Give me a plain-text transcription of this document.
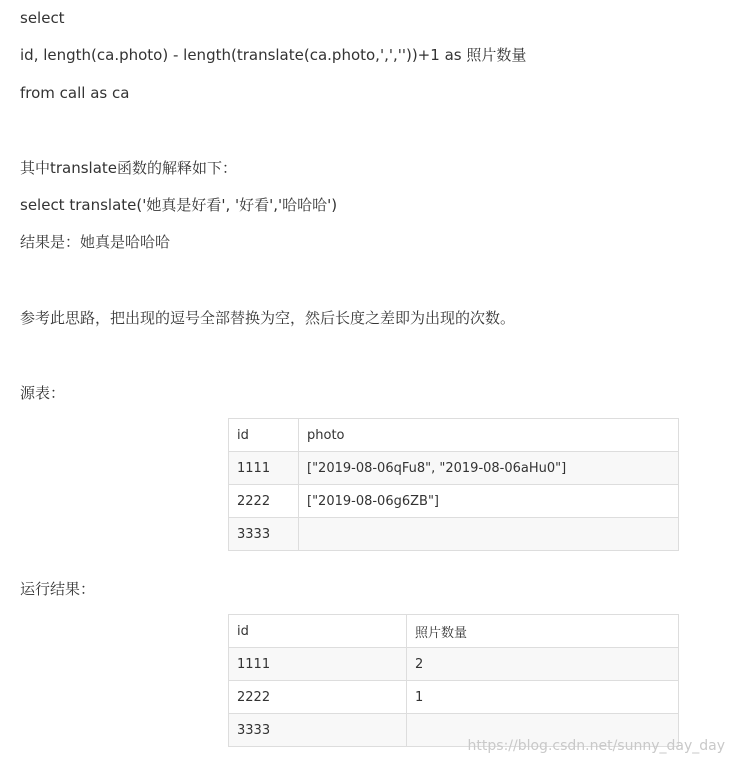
select
id, length(ca.photo) - length(translate(ca.photo,',',''))+1 as 照片数量
from call as ca
其中translate函数的解释如下：
select translate('她真是好看', '好看','哈哈哈')
结果是：她真是哈哈哈
参考此思路，把出现的逗号全部替换为空，然后长度之差即为出现的次数。
源表：
id	photo
1111	["2019-08-06qFu8", "2019-08-06aHu0"]
2222	["2019-08-06g6ZB"]
3333	
运行结果：
id	照片数量
1111	2
2222	1
3333	
https://blog.csdn.net/sunny_day_day
